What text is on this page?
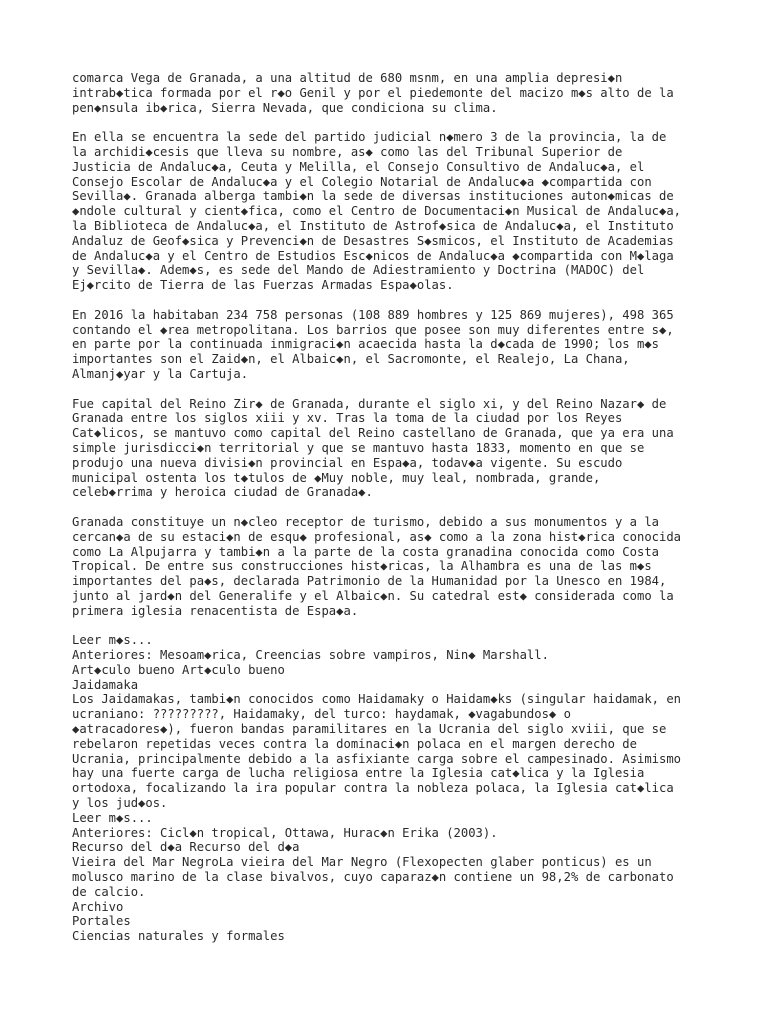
comarca Vega de Granada, a una altitud de 680 msnm, en una amplia depresi◆n
intrab◆tica formada por el r◆o Genil y por el piedemonte del macizo m◆s alto de la
pen◆nsula ib◆rica, Sierra Nevada, que condiciona su clima.

En ella se encuentra la sede del partido judicial n◆mero 3 de la provincia, la de
la archidi◆cesis que lleva su nombre, as◆ como las del Tribunal Superior de
Justicia de Andaluc◆a, Ceuta y Melilla, el Consejo Consultivo de Andaluc◆a, el
Consejo Escolar de Andaluc◆a y el Colegio Notarial de Andaluc◆a ◆compartida con
Sevilla◆. Granada alberga tambi◆n la sede de diversas instituciones auton◆micas de
◆ndole cultural y cient◆fica, como el Centro de Documentaci◆n Musical de Andaluc◆a,
la Biblioteca de Andaluc◆a, el Instituto de Astrof◆sica de Andaluc◆a, el Instituto
Andaluz de Geof◆sica y Prevenci◆n de Desastres S◆smicos, el Instituto de Academias
de Andaluc◆a y el Centro de Estudios Esc◆nicos de Andaluc◆a ◆compartida con M◆laga
y Sevilla◆. Adem◆s, es sede del Mando de Adiestramiento y Doctrina (MADOC) del
Ej◆rcito de Tierra de las Fuerzas Armadas Espa◆olas.

En 2016 la habitaban 234 758 personas (108 889 hombres y 125 869 mujeres), 498 365
contando el ◆rea metropolitana. Los barrios que posee son muy diferentes entre s◆,
en parte por la continuada inmigraci◆n acaecida hasta la d◆cada de 1990; los m◆s
importantes son el Zaid◆n, el Albaic◆n, el Sacromonte, el Realejo, La Chana,
Almanj◆yar y la Cartuja.

Fue capital del Reino Zir◆ de Granada, durante el siglo xi, y del Reino Nazar◆ de
Granada entre los siglos xiii y xv. Tras la toma de la ciudad por los Reyes
Cat◆licos, se mantuvo como capital del Reino castellano de Granada, que ya era una
simple jurisdicci◆n territorial y que se mantuvo hasta 1833, momento en que se
produjo una nueva divisi◆n provincial en Espa◆a, todav◆a vigente. Su escudo
municipal ostenta los t◆tulos de ◆Muy noble, muy leal, nombrada, grande,
celeb◆rrima y heroica ciudad de Granada◆.

Granada constituye un n◆cleo receptor de turismo, debido a sus monumentos y a la
cercan◆a de su estaci◆n de esqu◆ profesional, as◆ como a la zona hist◆rica conocida
como La Alpujarra y tambi◆n a la parte de la costa granadina conocida como Costa
Tropical. De entre sus construcciones hist◆ricas, la Alhambra es una de las m◆s
importantes del pa◆s, declarada Patrimonio de la Humanidad por la Unesco en 1984,
junto al jard◆n del Generalife y el Albaic◆n. Su catedral est◆ considerada como la
primera iglesia renacentista de Espa◆a.

Leer m◆s...

Anteriores: Mesoam◆rica, Creencias sobre vampiros, Nin◆ Marshall.

Art◆culo bueno Art◆culo bueno

Jaidamaka

Los Jaidamakas, tambi◆n conocidos como Haidamaky o Haidam◆ks (singular haidamak, en

ucraniano: ?????????, Haidamaky, del turco: haydamak, ◆vagabundos◆ o

◆atracadores◆), fueron bandas paramilitares en la Ucrania del siglo xviii, que se

rebelaron repetidas veces contra la dominaci◆n polaca en el margen derecho de

Ucrania, principalmente debido a la asfixiante carga sobre el campesinado. Asimismo

hay una fuerte carga de lucha religiosa entre la Iglesia cat◆lica y la Iglesia

ortodoxa, focalizando la ira popular contra la nobleza polaca, la Iglesia cat◆lica

y los jud◆os.

Leer m◆s...

Anteriores: Cicl◆n tropical, Ottawa, Hurac◆n Erika (2003).

Recurso del d◆a Recurso del d◆a

Vieira del Mar NegroLa vieira del Mar Negro (Flexopecten glaber ponticus) es un

molusco marino de la clase bivalvos, cuyo caparaz◆n contiene un 98,2% de carbonato

de calcio.

Archivo

Portales

Ciencias naturales y formales
